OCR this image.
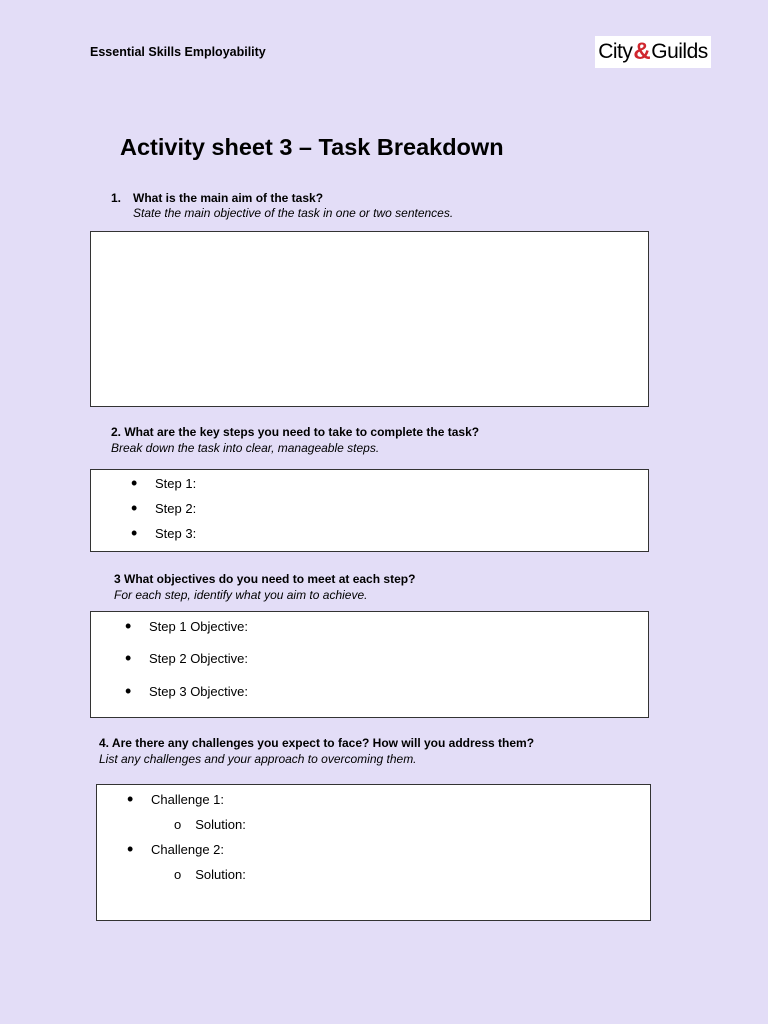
Essential Skills Employability	City & Guilds
Activity sheet 3 – Task Breakdown
1. What is the main aim of the task?
State the main objective of the task in one or two sentences.
2. What are the key steps you need to take to complete the task?
Break down the task into clear, manageable steps.
• Step 1:
• Step 2:
• Step 3:
3 What objectives do you need to meet at each step?
For each step, identify what you aim to achieve.
• Step 1 Objective:
• Step 2 Objective:
• Step 3 Objective:
4. Are there any challenges you expect to face? How will you address them?
List any challenges and your approach to overcoming them.
• Challenge 1:
o Solution:
• Challenge 2:
o Solution:
